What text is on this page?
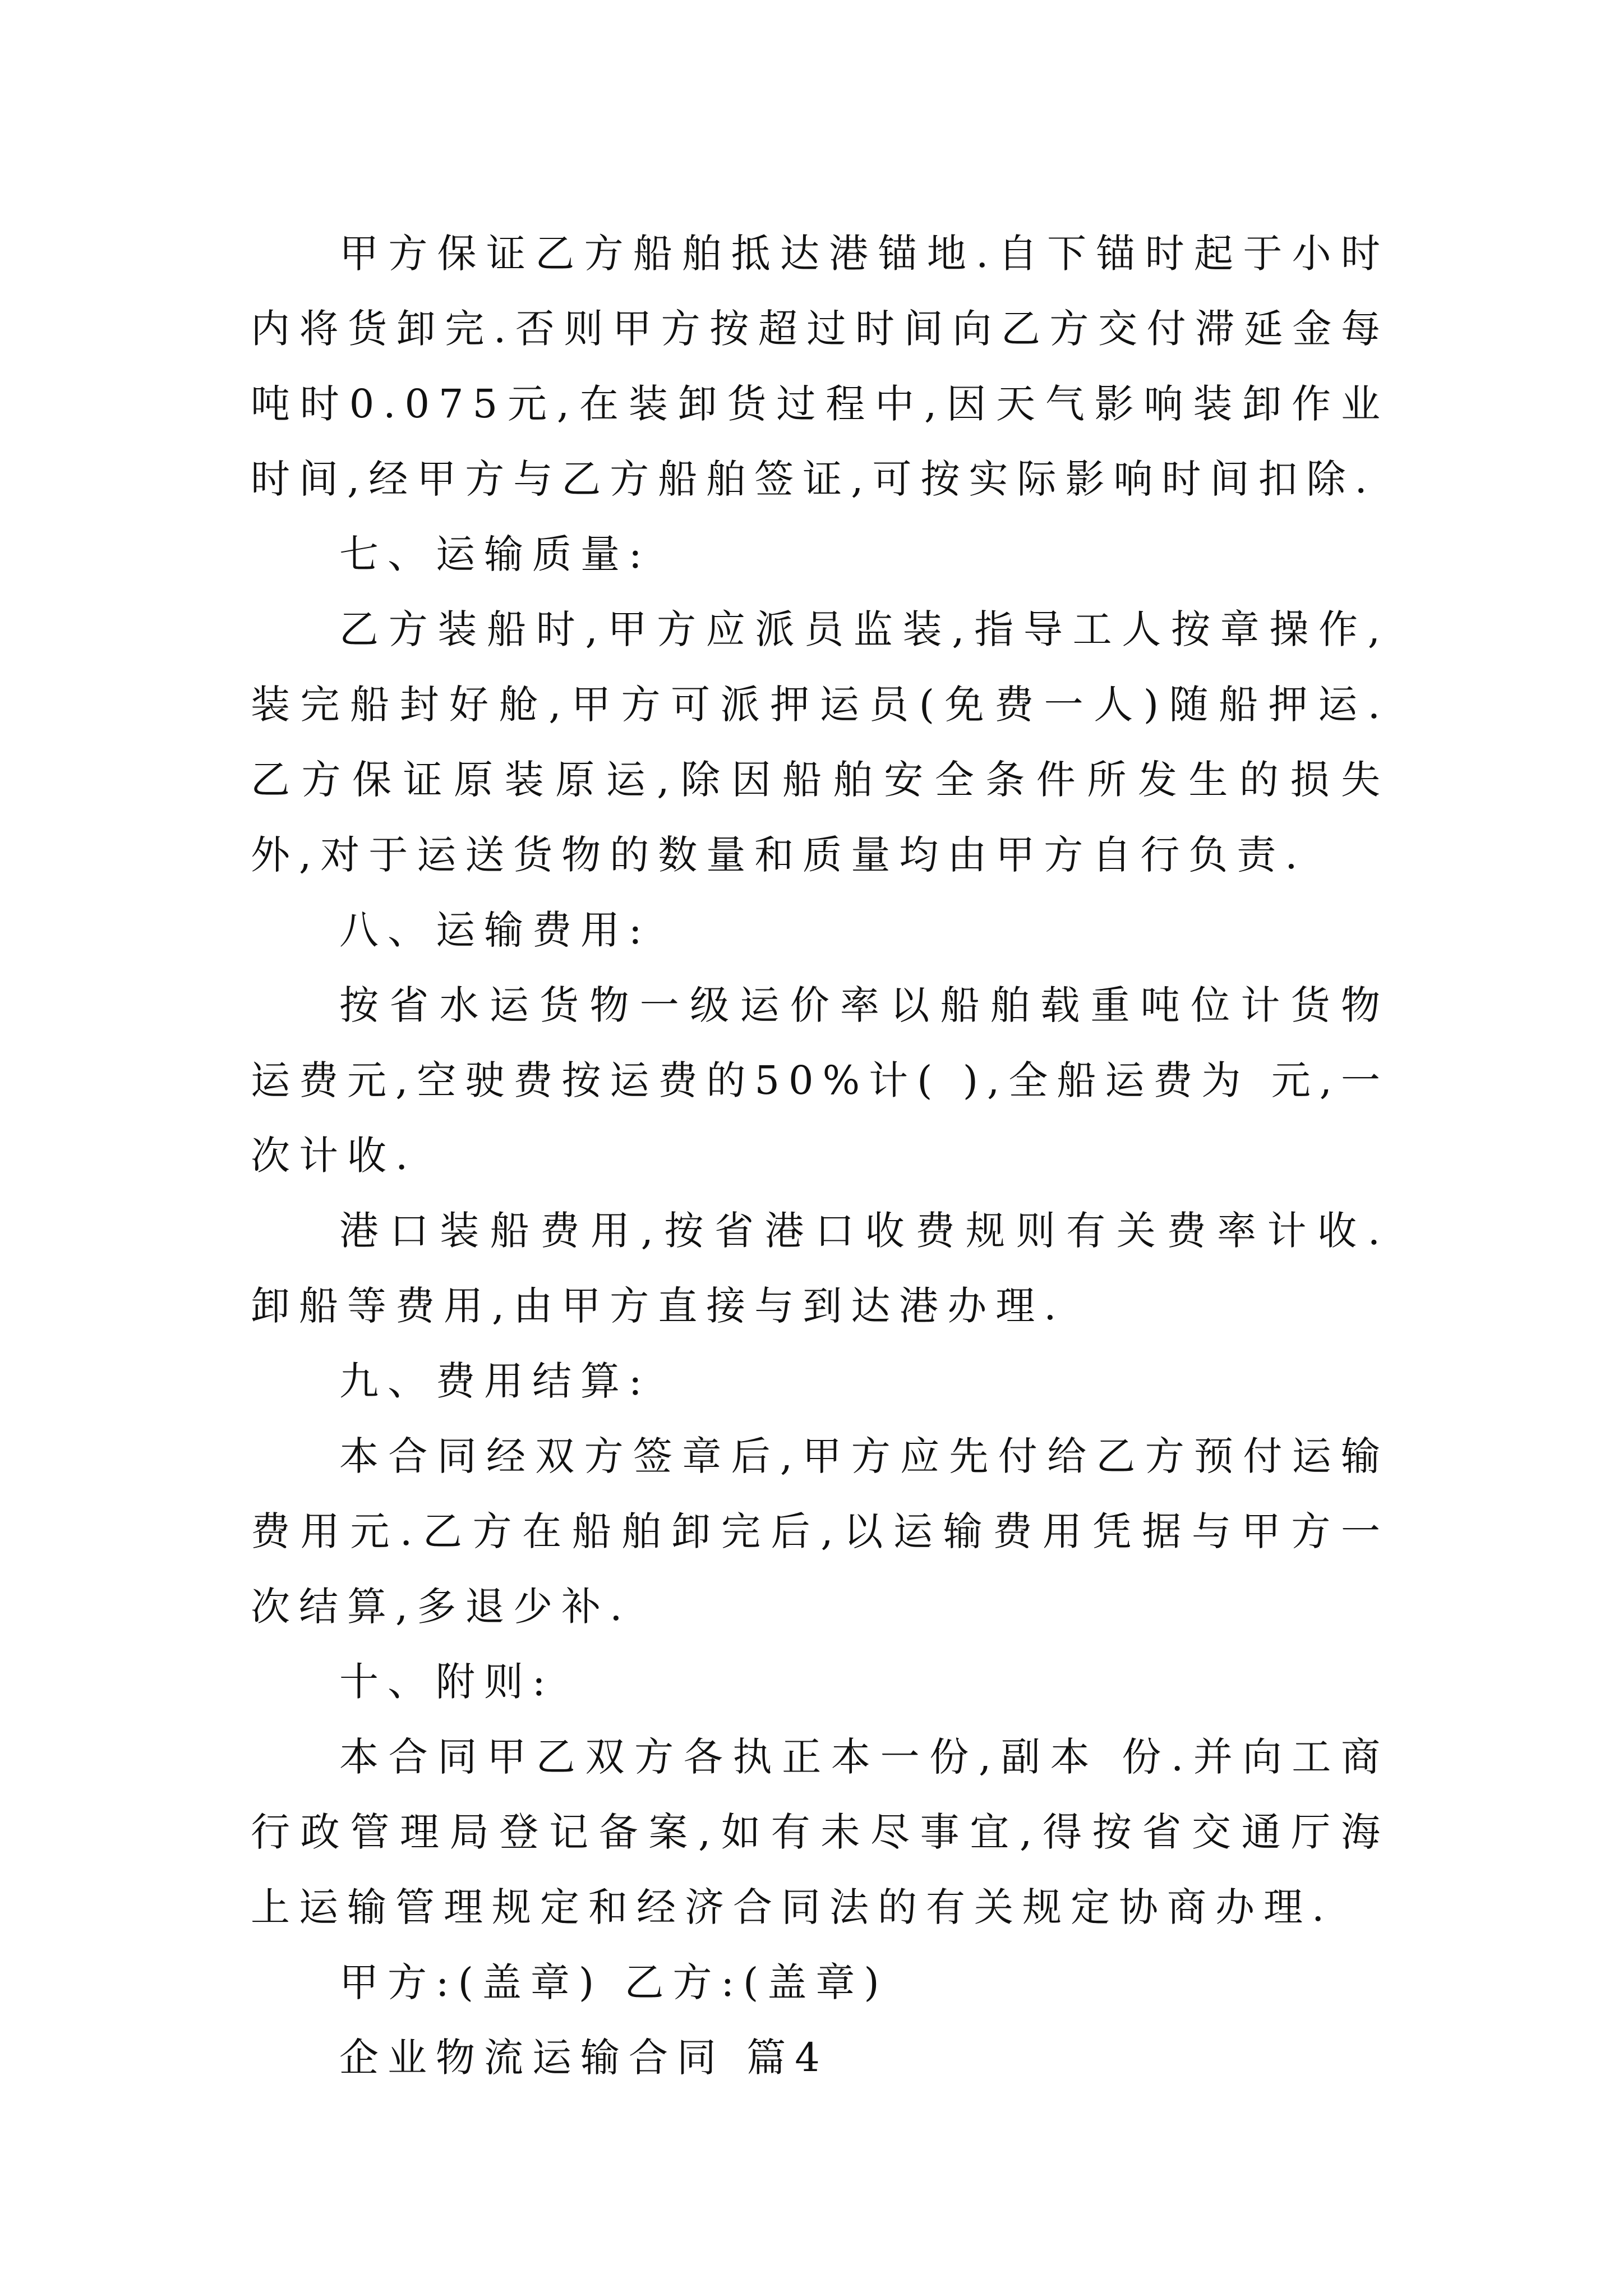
甲方保证乙方船舶抵达港锚地.自下锚时起于小时内将货卸完.否则甲方按超过时间向乙方交付滞延金每吨时0.075元,在装卸货过程中,因天气影响装卸作业时间,经甲方与乙方船舶签证,可按实际影响时间扣除.

七、运输质量:

乙方装船时,甲方应派员监装,指导工人按章操作,装完船封好舱,甲方可派押运员(免费一人)随船押运.乙方保证原装原运,除因船舶安全条件所发生的损失外,对于运送货物的数量和质量均由甲方自行负责.

八、运输费用:

按省水运货物一级运价率以船舶载重吨位计货物运费元,空驶费按运费的50%计( ),全船运费为 元,一次计收.

港口装船费用,按省港口收费规则有关费率计收.卸船等费用,由甲方直接与到达港办理.

九、费用结算:

本合同经双方签章后,甲方应先付给乙方预付运输费用元.乙方在船舶卸完后,以运输费用凭据与甲方一次结算,多退少补.

十、附则:

本合同甲乙双方各执正本一份,副本 份.并向工商行政管理局登记备案,如有未尽事宜,得按省交通厅海上运输管理规定和经济合同法的有关规定协商办理.

甲方:(盖章) 乙方:(盖章)

企业物流运输合同 篇4
